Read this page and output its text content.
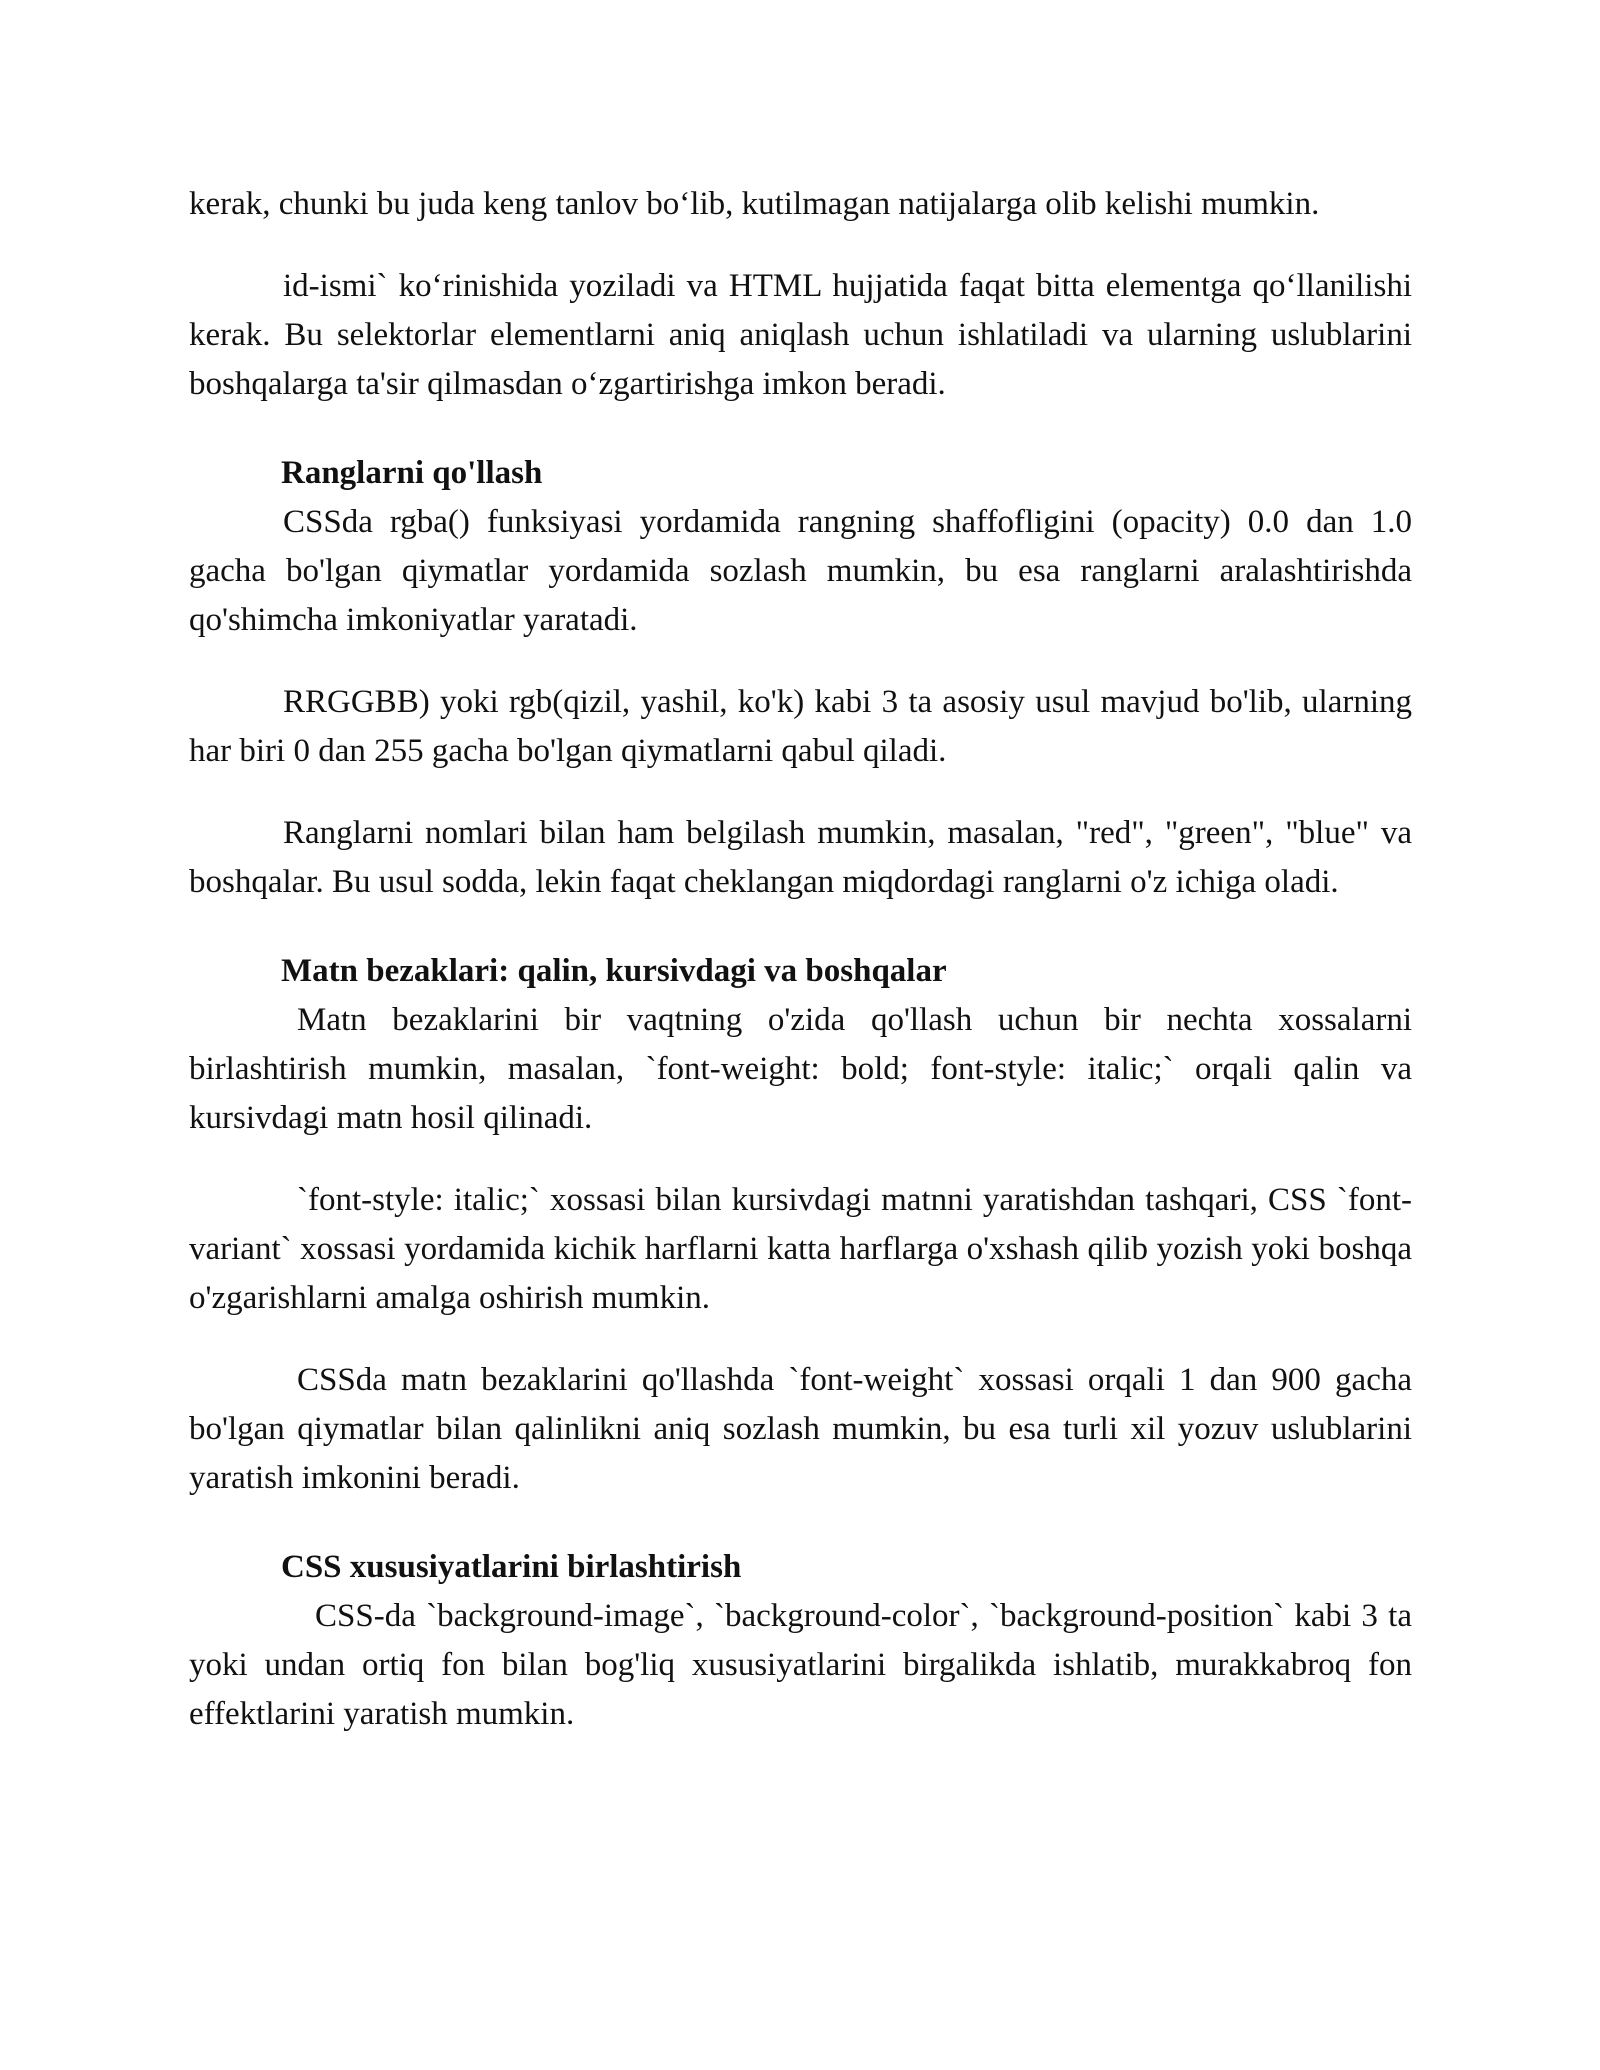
kerak, chunki bu juda keng tanlov bo‘lib, kutilmagan natijalarga olib kelishi mumkin.

id-ismi` ko‘rinishida yoziladi va HTML hujjatida faqat bitta elementga qo‘llanilishi kerak. Bu selektorlar elementlarni aniq aniqlash uchun ishlatiladi va ularning uslublarini boshqalarga ta'sir qilmasdan o‘zgartirishga imkon beradi.

Ranglarni qo'llash

CSSda rgba() funksiyasi yordamida rangning shaffofligini (opacity) 0.0 dan 1.0 gacha bo'lgan qiymatlar yordamida sozlash mumkin, bu esa ranglarni aralashtirishda qo'shimcha imkoniyatlar yaratadi.

RRGGBB) yoki rgb(qizil, yashil, ko'k) kabi 3 ta asosiy usul mavjud bo'lib, ularning har biri 0 dan 255 gacha bo'lgan qiymatlarni qabul qiladi.

Ranglarni nomlari bilan ham belgilash mumkin, masalan, "red", "green", "blue" va boshqalar. Bu usul sodda, lekin faqat cheklangan miqdordagi ranglarni o'z ichiga oladi.

Matn bezaklari: qalin, kursivdagi va boshqalar

Matn bezaklarini bir vaqtning o'zida qo'llash uchun bir nechta xossalarni birlashtirish mumkin, masalan, `font-weight: bold; font-style: italic;` orqali qalin va kursivdagi matn hosil qilinadi.

`font-style: italic;` xossasi bilan kursivdagi matnni yaratishdan tashqari, CSS `font-variant` xossasi yordamida kichik harflarni katta harflarga o'xshash qilib yozish yoki boshqa o'zgarishlarni amalga oshirish mumkin.

CSSda matn bezaklarini qo'llashda `font-weight` xossasi orqali 1 dan 900 gacha bo'lgan qiymatlar bilan qalinlikni aniq sozlash mumkin, bu esa turli xil yozuv uslublarini yaratish imkonini beradi.

CSS xususiyatlarini birlashtirish

CSS-da `background-image`, `background-color`, `background-position` kabi 3 ta yoki undan ortiq fon bilan bog'liq xususiyatlarini birgalikda ishlatib, murakkabroq fon effektlarini yaratish mumkin.
